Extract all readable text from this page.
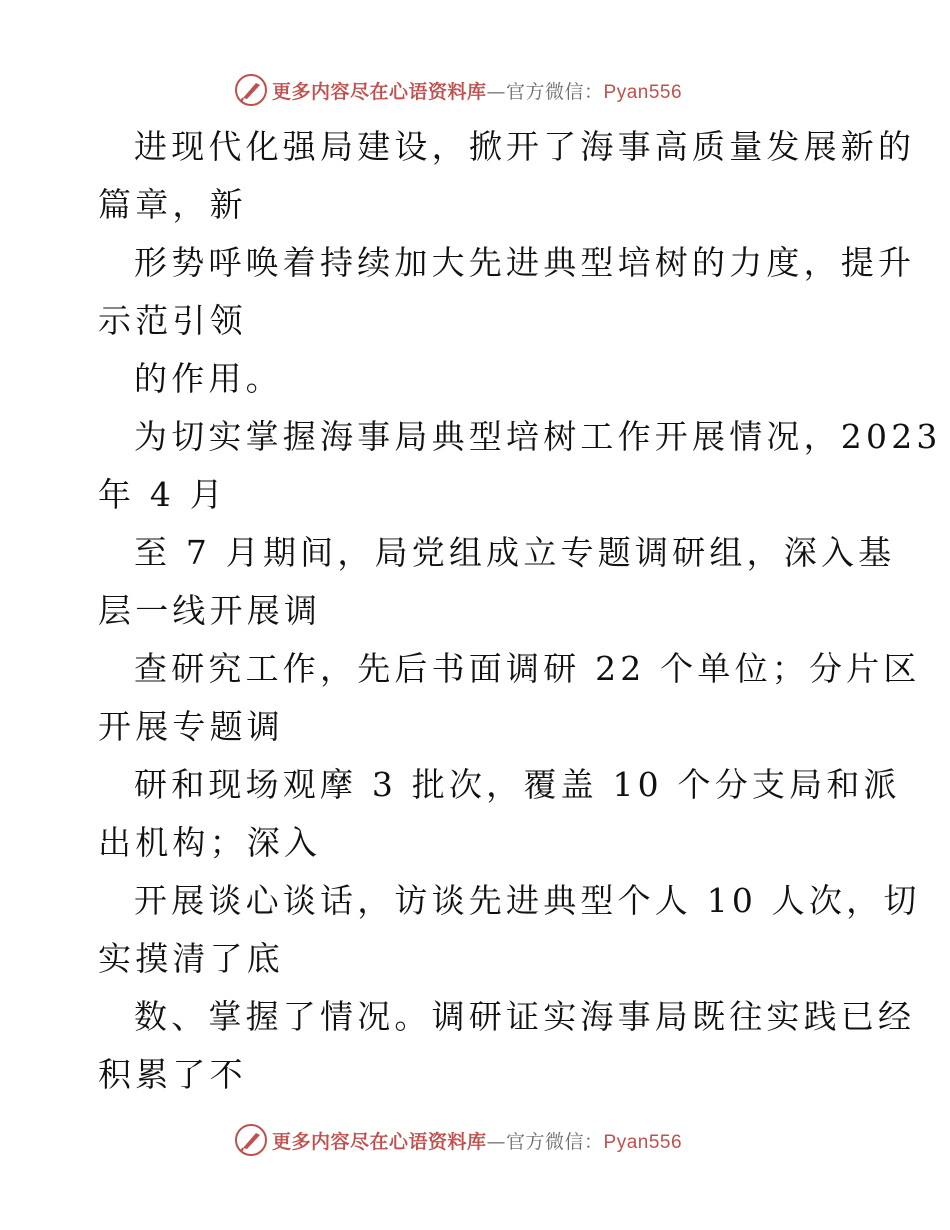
更多内容尽在心语资料库—官方微信：Pyan556
进现代化强局建设，掀开了海事高质量发展新的
篇章，新
形势呼唤着持续加大先进典型培树的力度，提升
示范引领
的作用。
为切实掌握海事局典型培树工作开展情况，2023
年 4 月
至 7 月期间，局党组成立专题调研组，深入基
层一线开展调
查研究工作，先后书面调研 22 个单位；分片区
开展专题调
研和现场观摩 3 批次，覆盖 10 个分支局和派
出机构；深入
开展谈心谈话，访谈先进典型个人 10 人次，切
实摸清了底
数、掌握了情况。调研证实海事局既往实践已经
积累了不
更多内容尽在心语资料库—官方微信：Pyan556
